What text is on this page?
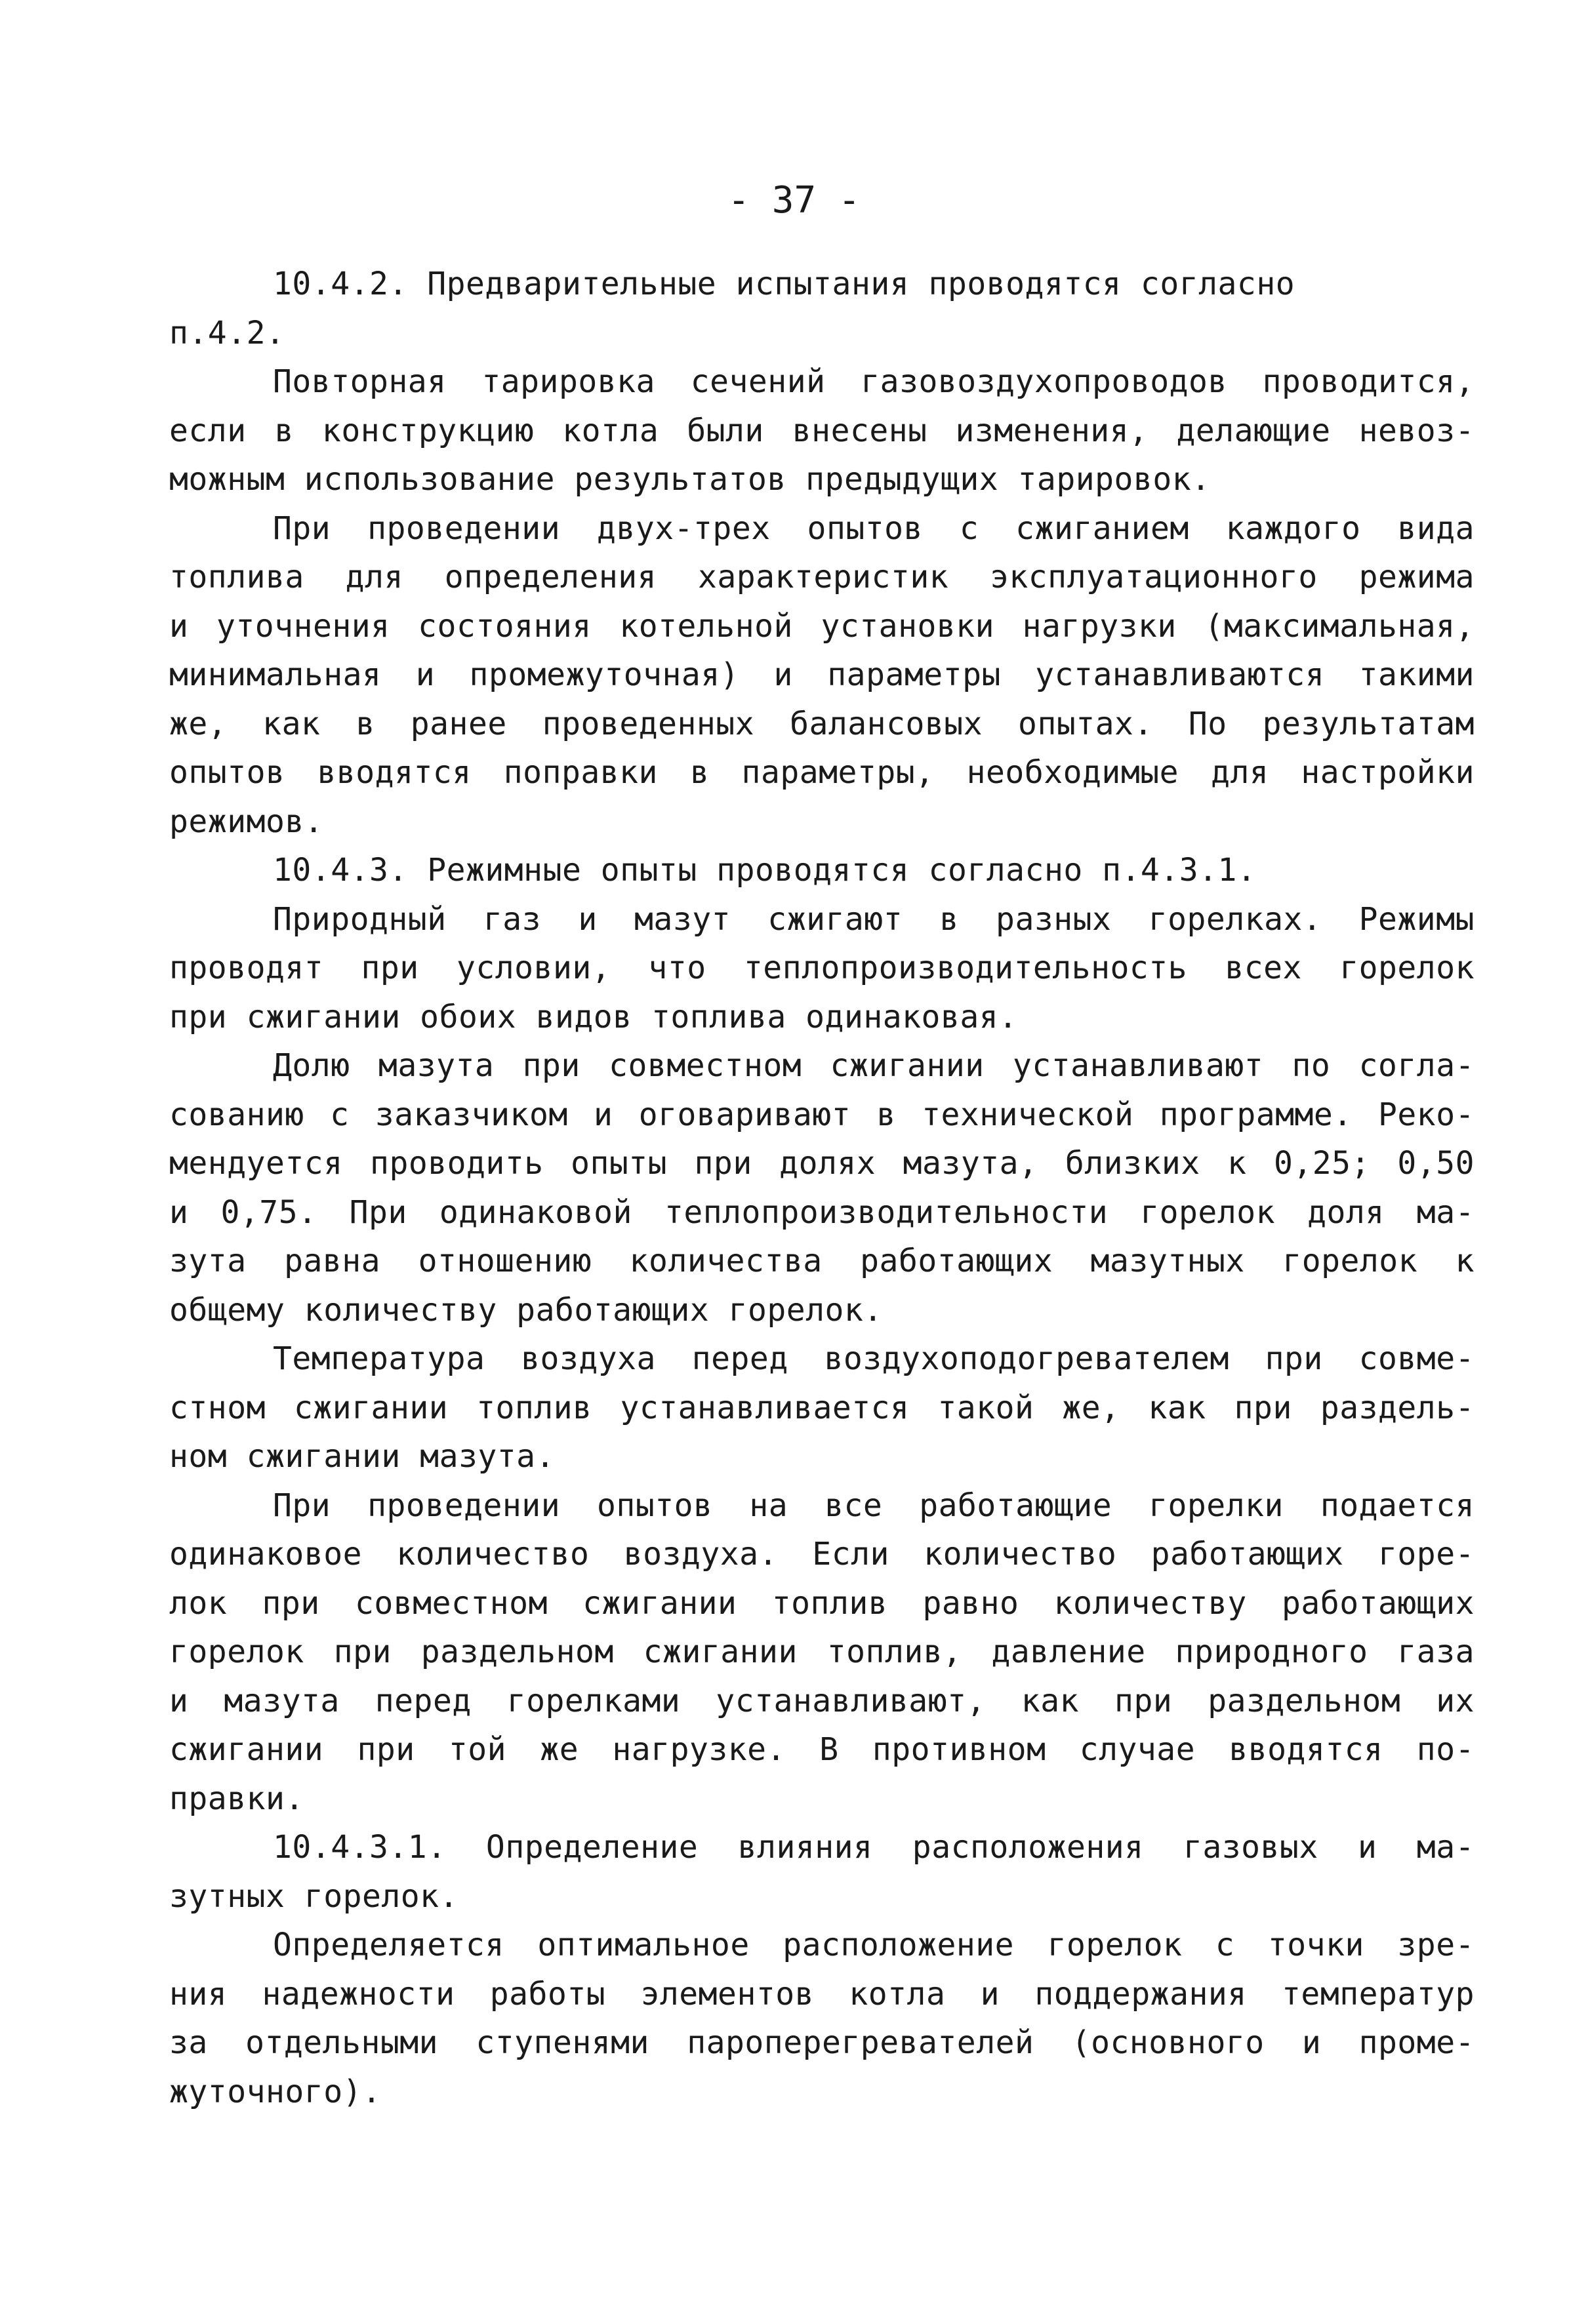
- 37 -
10.4.2. Предварительные испытания проводятся согласно
п.4.2.
Повторная тарировка сечений газовоздухопроводов проводится,
если в конструкцию котла были внесены изменения, делающие невоз-
можным использование результатов предыдущих тарировок.
При проведении двух-трех опытов с сжиганием каждого вида
топлива для определения характеристик эксплуатационного режима
и уточнения состояния котельной установки нагрузки (максимальная,
минимальная и промежуточная) и параметры устанавливаются такими
же, как в ранее проведенных балансовых опытах. По результатам
опытов вводятся поправки в параметры, необходимые для настройки
режимов.
10.4.3. Режимные опыты проводятся согласно п.4.3.1.
Природный газ и мазут сжигают в разных горелках. Режимы
проводят при условии, что теплопроизводительность всех горелок
при сжигании обоих видов топлива одинаковая.
Долю мазута при совместном сжигании устанавливают по согла-
сованию с заказчиком и оговаривают в технической программе. Реко-
мендуется проводить опыты при долях мазута, близких к 0,25; 0,50
и 0,75. При одинаковой теплопроизводительности горелок доля ма-
зута равна отношению количества работающих мазутных горелок к
общему количеству работающих горелок.
Температура воздуха перед воздухоподогревателем при совме-
стном сжигании топлив устанавливается такой же, как при раздель-
ном сжигании мазута.
При проведении опытов на все работающие горелки подается
одинаковое количество воздуха. Если количество работающих горе-
лок при совместном сжигании топлив равно количеству работающих
горелок при раздельном сжигании топлив, давление природного газа
и мазута перед горелками устанавливают, как при раздельном их
сжигании при той же нагрузке. В противном случае вводятся по-
правки.
10.4.3.1. Определение влияния расположения газовых и ма-
зутных горелок.
Определяется оптимальное расположение горелок с точки зре-
ния надежности работы элементов котла и поддержания температур
за отдельными ступенями пароперегревателей (основного и проме-
жуточного).
